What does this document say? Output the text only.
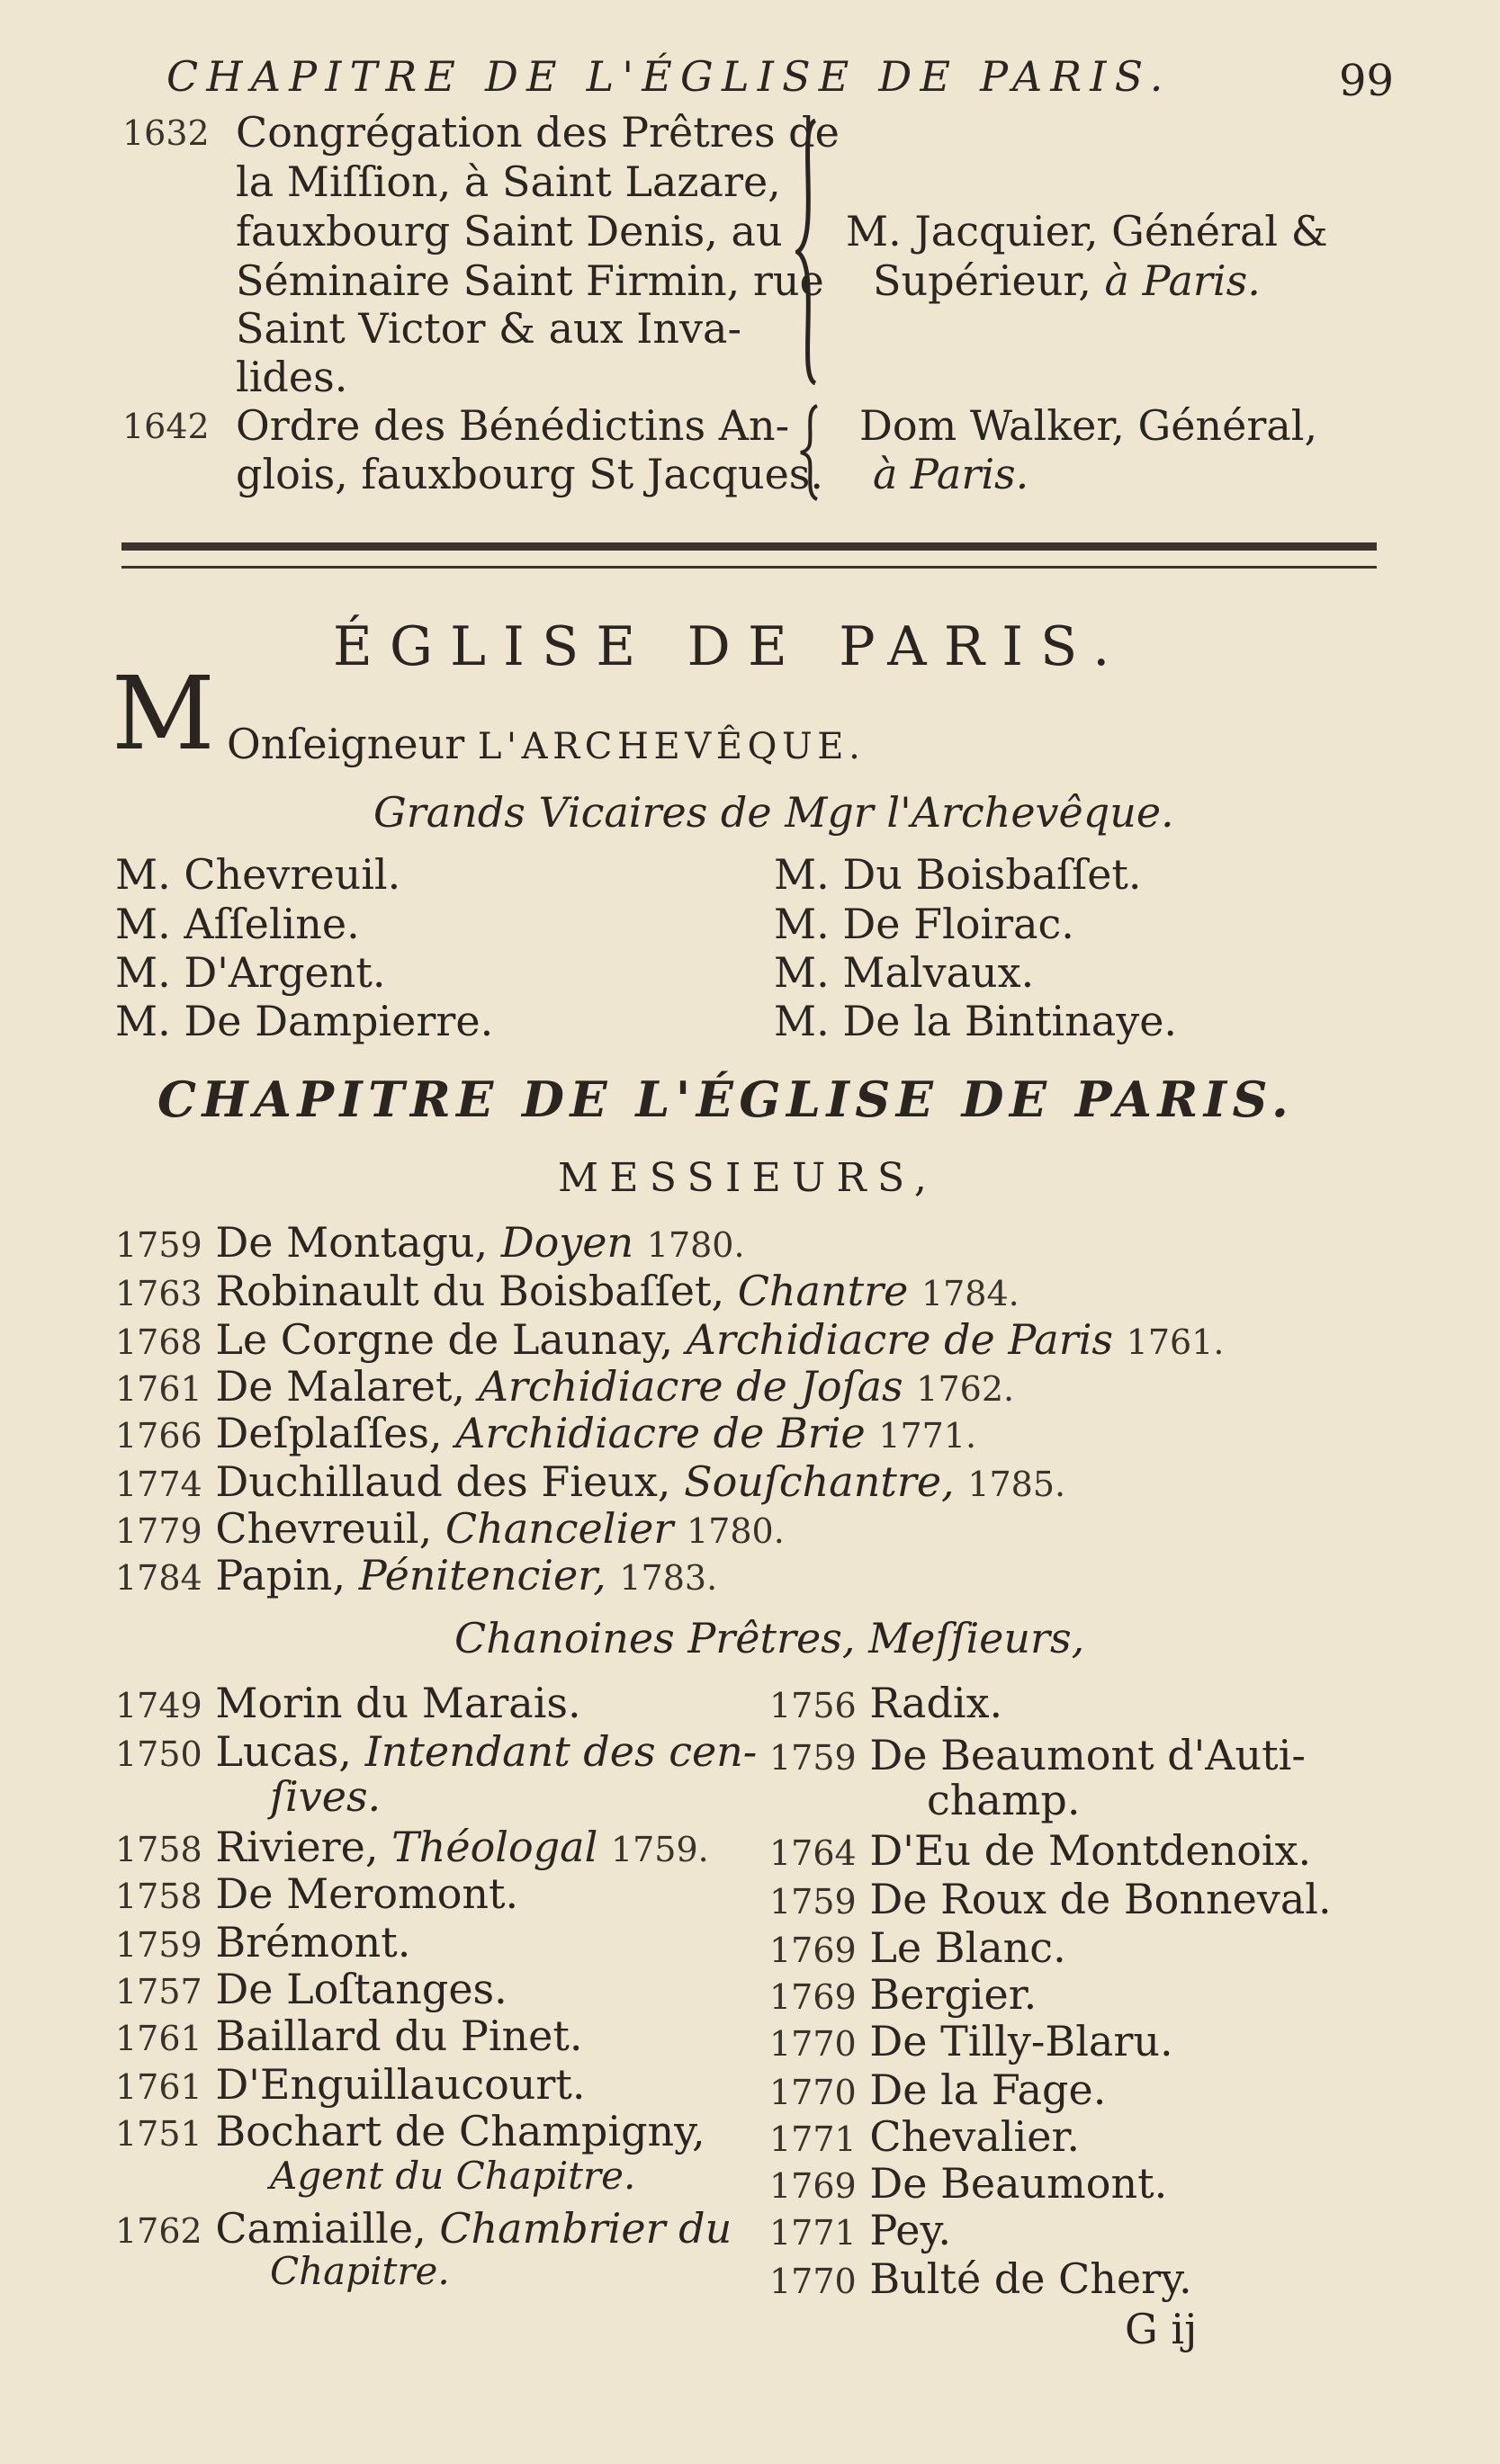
CHAPITRE DE L'ÉGLISE DE PARIS.	99
1632 Congrégation des Prêtres de
la Miſſion, à Saint Lazare,
fauxbourg Saint Denis, au
Séminaire Saint Firmin, rue
Saint Victor & aux Inva-
lides.
M. Jacquier, Général &
Supérieur, à Paris.
1642 Ordre des Bénédictins An-
glois, fauxbourg St Jacques.
Dom Walker, Général,
à Paris.
ÉGLISE DE PARIS.
M Onſeigneur L'ARCHEVÊQUE.
Grands Vicaires de Mgr l'Archevêque.
M. Chevreuil.
M. Aſſeline.
M. D'Argent.
M. De Dampierre.
M. Du Boisbaſſet.
M. De Floirac.
M. Malvaux.
M. De la Bintinaye.
CHAPITRE DE L'ÉGLISE DE PARIS.
MESSIEURS,
1759 De Montagu, Doyen 1780.
1763 Robinault du Boisbaſſet, Chantre 1784.
1768 Le Corgne de Launay, Archidiacre de Paris 1761.
1761 De Malaret, Archidiacre de Joſas 1762.
1766 Deſplaſſes, Archidiacre de Brie 1771.
1774 Duchillaud des Fieux, Souſchantre, 1785.
1779 Chevreuil, Chancelier 1780.
1784 Papin, Pénitencier, 1783.
Chanoines Prêtres, Meſſieurs,
1749 Morin du Marais.
1750 Lucas, Intendant des cen-
ſives.
1758 Riviere, Théologal 1759.
1758 De Meromont.
1759 Brémont.
1757 De Loſtanges.
1761 Baillard du Pinet.
1761 D'Enguillaucourt.
1751 Bochart de Champigny,
Agent du Chapitre.
1762 Camiaille, Chambrier du
Chapitre.
1756 Radix.
1759 De Beaumont d'Auti-
champ.
1764 D'Eu de Montdenoix.
1759 De Roux de Bonneval.
1769 Le Blanc.
1769 Bergier.
1770 De Tilly-Blaru.
1770 De la Fage.
1771 Chevalier.
1769 De Beaumont.
1771 Pey.
1770 Bulté de Chery.
G ij
